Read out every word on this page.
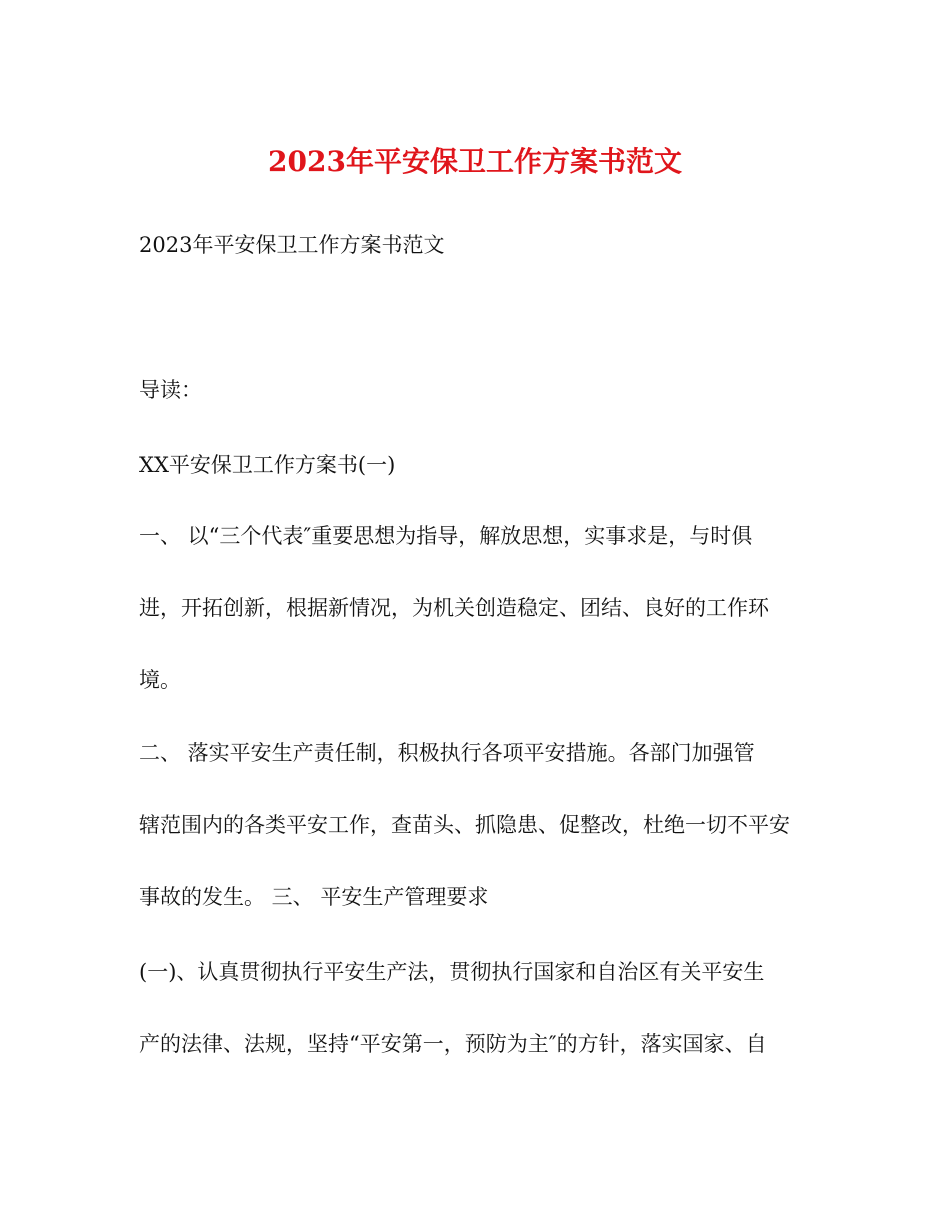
2023年平安保卫工作方案书范文

2023年平安保卫工作方案书范文

导读：

XX平安保卫工作方案书(一)

一、 以“三个代表″重要思想为指导，解放思想，实事求是，与时俱

进，开拓创新，根据新情况，为机关创造稳定、团结、良好的工作环

境。

二、 落实平安生产责任制，积极执行各项平安措施。各部门加强管

辖范围内的各类平安工作，查苗头、抓隐患、促整改，杜绝一切不平安

事故的发生。 三、 平安生产管理要求

(一)、认真贯彻执行平安生产法，贯彻执行国家和自治区有关平安生

产的法律、法规，坚持“平安第一，预防为主″的方针，落实国家、自
